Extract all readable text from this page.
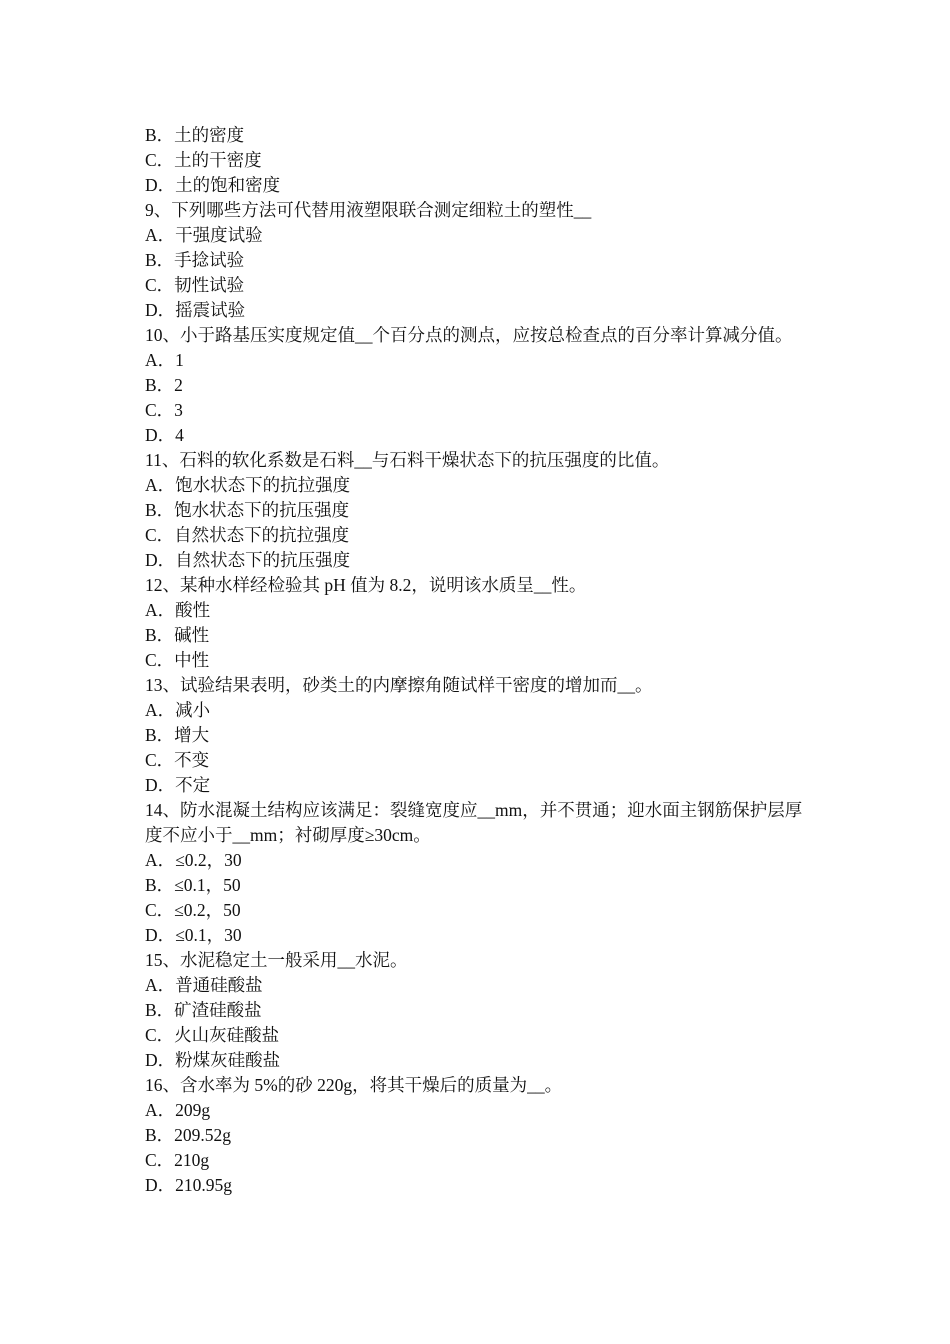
B．土的密度
C．土的干密度
D．土的饱和密度
9、下列哪些方法可代替用液塑限联合测定细粒土的塑性__
A．干强度试验
B．手捻试验
C．韧性试验
D．摇震试验
10、小于路基压实度规定值__个百分点的测点，应按总检查点的百分率计算减分值。
A．1
B．2
C．3
D．4
11、石料的软化系数是石料__与石料干燥状态下的抗压强度的比值。
A．饱水状态下的抗拉强度
B．饱水状态下的抗压强度
C．自然状态下的抗拉强度
D．自然状态下的抗压强度
12、某种水样经检验其 pH 值为 8.2，说明该水质呈__性。
A．酸性
B．碱性
C．中性
13、试验结果表明，砂类土的内摩擦角随试样干密度的增加而__。
A．减小
B．增大
C．不变
D．不定
14、防水混凝土结构应该满足：裂缝宽度应__mm，并不贯通；迎水面主钢筋保护层厚度不应小于__mm；衬砌厚度≥30cm。
A．≤0.2，30
B．≤0.1，50
C．≤0.2，50
D．≤0.1，30
15、水泥稳定土一般采用__水泥。
A．普通硅酸盐
B．矿渣硅酸盐
C．火山灰硅酸盐
D．粉煤灰硅酸盐
16、含水率为 5%的砂 220g，将其干燥后的质量为__。
A．209g
B．209.52g
C．210g
D．210.95g
